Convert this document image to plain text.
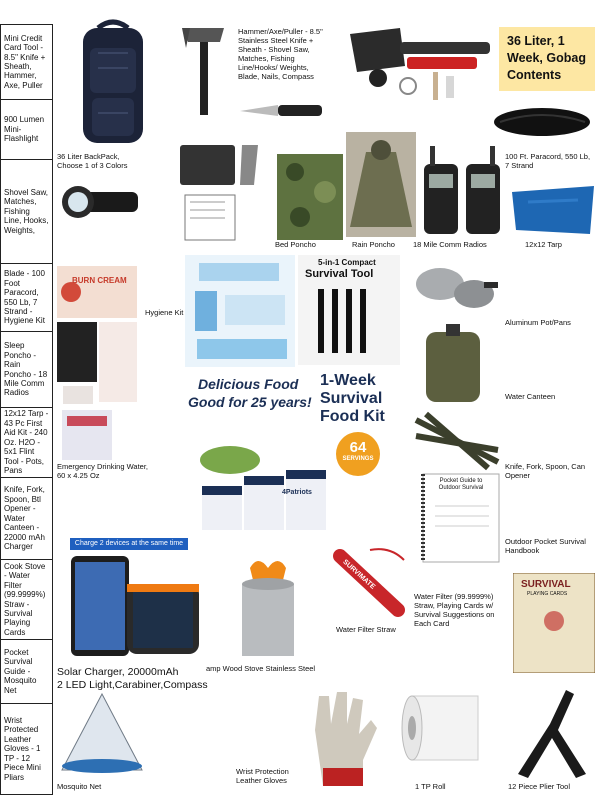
Mini Credit Card Tool - 8.5" Knife + Sheath, Hammer, Axe, Puller
900 Lumen Mini-Flashlight
Shovel Saw, Matches, Fishing Line, Hooks, Weights,
Blade - 100 Foot Paracord, 550 Lb, 7 Strand - Hygiene Kit
Sleep Poncho - Rain Poncho - 18 Mile Comm Radios
12x12 Tarp - 43 Pc First Aid Kit - 240 Oz. H2O - 5x1 Flint Tool - Pots, Pans
Knife, Fork, Spoon, Btl Opener - Water Canteen - 22000 mAh Charger
Cook Stove - Water Filter (99.9999%) Straw - Survival Playing Cards
Pocket Survival Guide - Mosquito Net
Wrist Protected Leather Gloves - 1 TP - 12 Piece Mini Pliars
36 Liter, 1 Week, Gobag Contents
36 Liter BackPack, Choose 1 of 3 Colors
Hammer/Axe/Puller - 8.5" Stainless Steel Knife + Sheath - Shovel Saw, Matches, Fishing Line/Hooks/ Weights, Blade, Nails, Compass
100 Ft. Paracord, 550 Lb, 7 Strand
Bed Poncho	Rain Poncho 18 Mile Comm Radios	12x12 Tarp
BURN CREAM
Emergency Drinking Water, 60 x 4.25 Oz
Hygiene Kit
5-in-1 Compact
Survival Tool
Aluminum Pot/Pans
Water Canteen
Delicious Food
Good for 25 years!
1-Week
Survival
Food Kit
64
SERVINGS
4Patriots
Knife, Fork, Spoon, Can Opener
Pocket Guide to Outdoor Survival
Outdoor Pocket Survival Handbook
Charge 2 devices at the same time
Solar Charger, 20000mAh
2 LED Light,Carabiner,Compass
amp Wood Stove Stainless Steel
SURVIMATE
Water Filter Straw
Water Filter (99.9999%) Straw, Playing Cards w/ Survival Suggestions on Each Card
SURVIVAL
PLAYING CARDS
Mosquito Net
Wrist Protection Leather Gloves
1 TP Roll	12 Piece Plier Tool
